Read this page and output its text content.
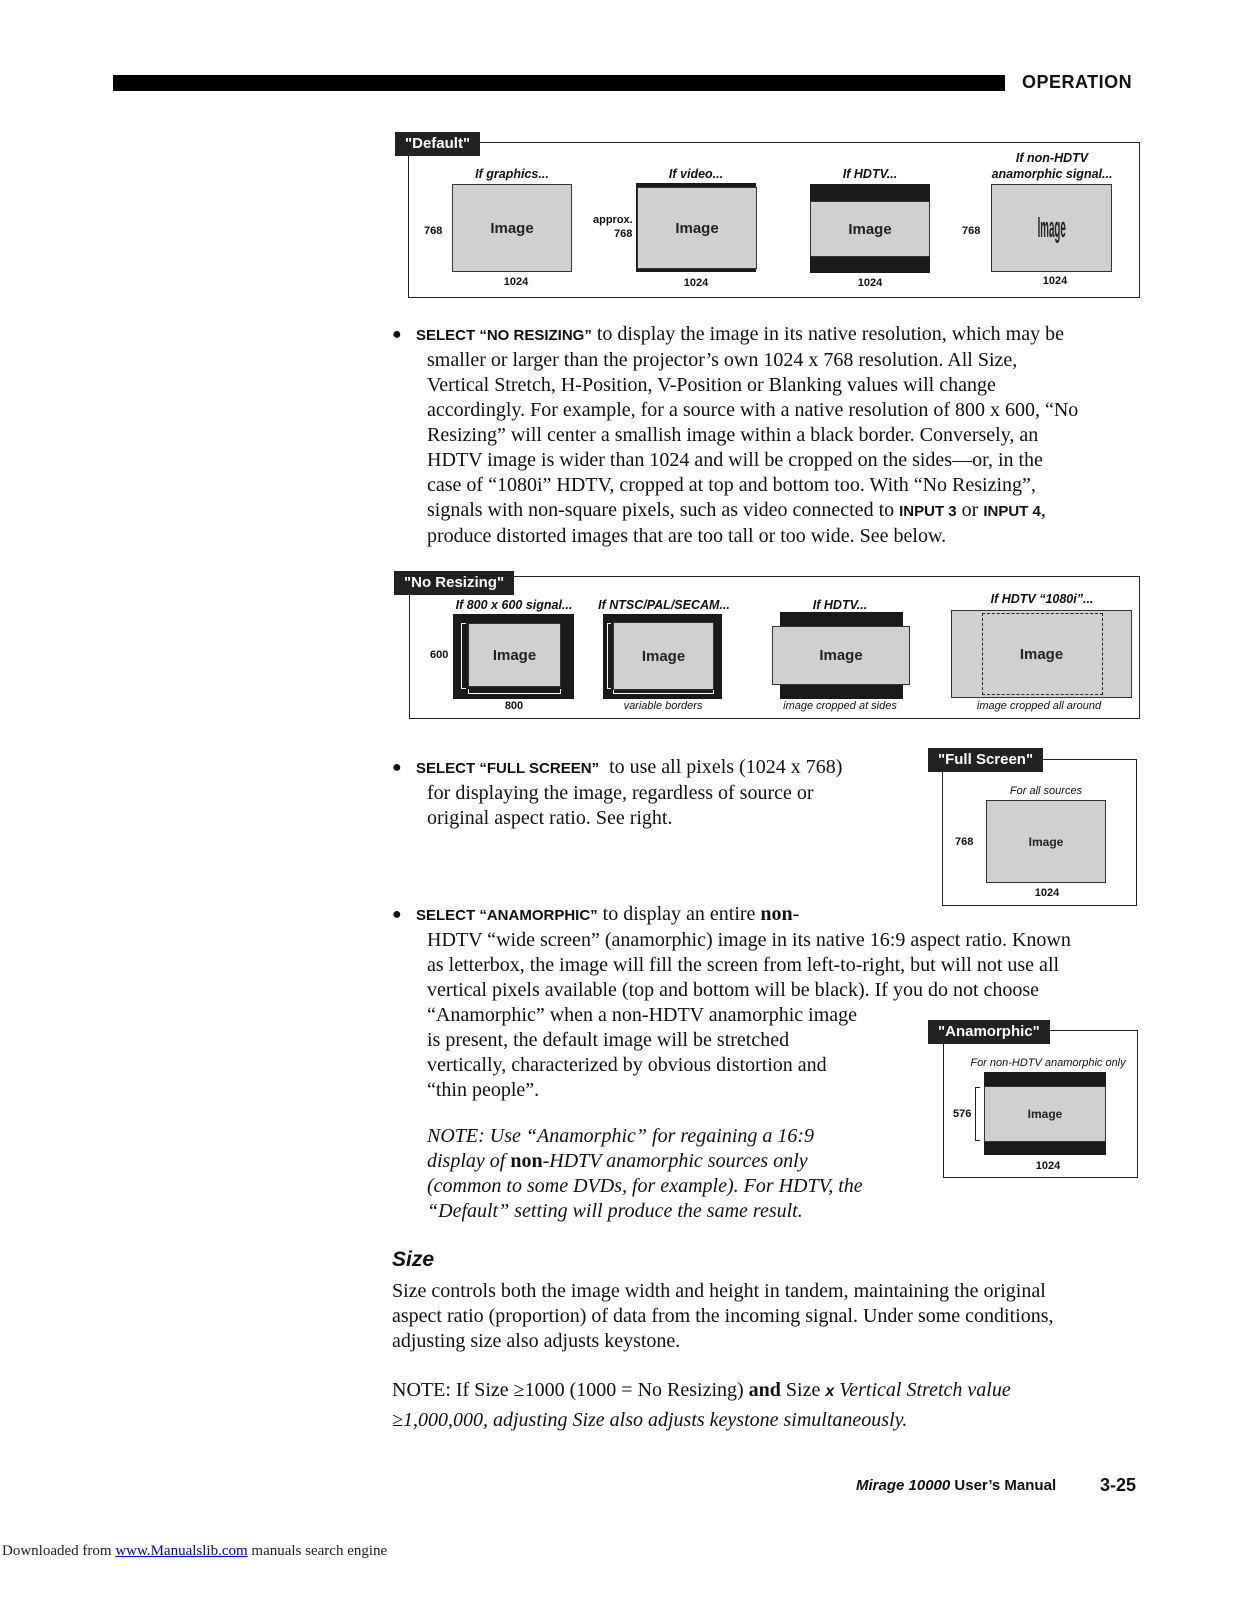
OPERATION
"Default"
If graphics...
Image
768
1024
If video...
Image
approx.
768
1024
If HDTV...
Image
1024
If non-HDTV
anamorphic signal...
Image
768
1024
● SELECT “NO RESIZING” to display the image in its native resolution, which may be
smaller or larger than the projector’s own 1024 x 768 resolution. All Size,
Vertical Stretch, H-Position, V-Position or Blanking values will change
accordingly. For example, for a source with a native resolution of 800 x 600, “No
Resizing” will center a smallish image within a black border. Conversely, an
HDTV image is wider than 1024 and will be cropped on the sides—or, in the
case of “1080i” HDTV, cropped at top and bottom too. With “No Resizing”,
signals with non-square pixels, such as video connected to INPUT 3 or INPUT 4,
produce distorted images that are too tall or too wide. See below.
"No Resizing"
If 800 x 600 signal...
Image
600
800
If NTSC/PAL/SECAM...
Image
variable borders
If HDTV...
Image
image cropped at sides
If HDTV “1080i”...
Image
image cropped all around
● SELECT “FULL SCREEN”  to use all pixels (1024 x 768)
for displaying the image, regardless of source or
original aspect ratio. See right.
"Full Screen"
For all sources
Image
768
1024
● SELECT “ANAMORPHIC” to display an entire non-
HDTV “wide screen” (anamorphic) image in its native 16:9 aspect ratio. Known
as letterbox, the image will fill the screen from left-to-right, but will not use all
vertical pixels available (top and bottom will be black). If you do not choose
“Anamorphic” when a non-HDTV anamorphic image
is present, the default image will be stretched
vertically, characterized by obvious distortion and
“thin people”.
NOTE: Use “Anamorphic” for regaining a 16:9
display of non-HDTV anamorphic sources only
(common to some DVDs, for example). For HDTV, the
“Default” setting will produce the same result.
"Anamorphic"
For non-HDTV anamorphic only
Image
576
1024
Size
Size controls both the image width and height in tandem, maintaining the original
aspect ratio (proportion) of data from the incoming signal. Under some conditions,
adjusting size also adjusts keystone.
NOTE: If Size ≥1000 (1000 = No Resizing) and Size x Vertical Stretch value
≥1,000,000, adjusting Size also adjusts keystone simultaneously.
Mirage 10000 User’s Manual 3-25
Downloaded from www.Manualslib.com manuals search engine
